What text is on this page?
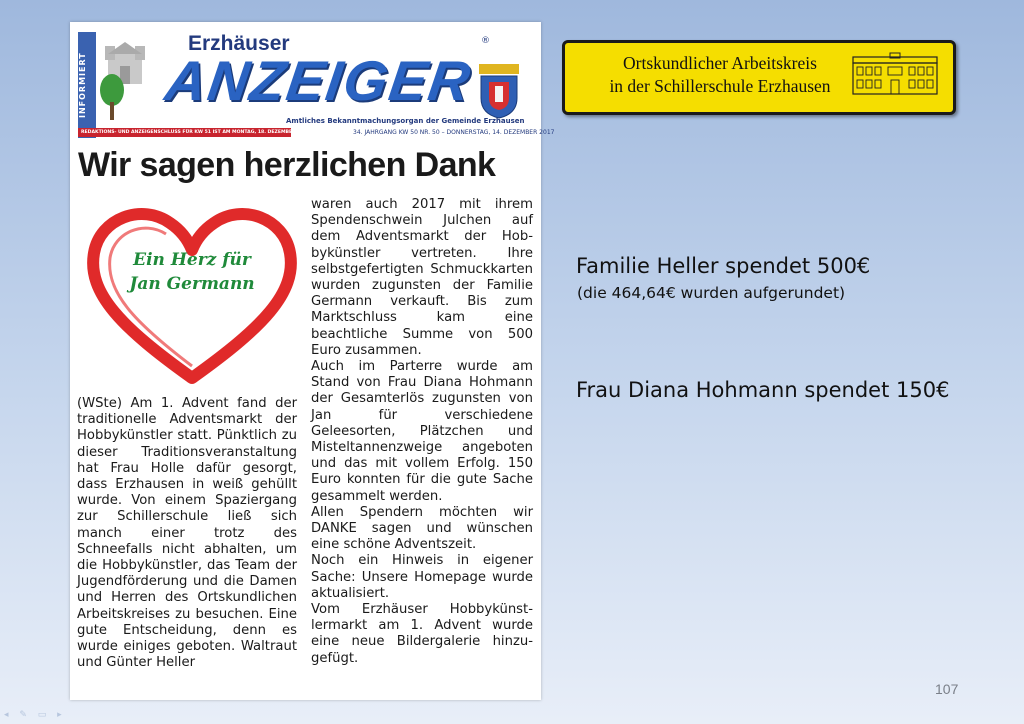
INFORMIERT
Erzhäuser
ANZEIGER
®
Amtliches Bekanntmachungsorgan der Gemeinde Erzhausen
REDAKTIONS- UND ANZEIGENSCHLUSS FÜR KW 51 IST AM MONTAG, 18. DEZEMBER 2017, 18 UHR	34. JAHRGANG KW 50 NR. 50 – DONNERSTAG, 14. DEZEMBER 2017
Wir sagen herzlichen Dank
Ein Herz für
Jan Germann

(WSte) Am 1. Advent fand der traditionelle Adventsmarkt der Hobbykünstler statt. Pünktlich zu dieser Traditionsveranstaltung hat Frau Holle dafür gesorgt, dass Erzhausen in weiß gehüllt wurde. Von einem Spaziergang zur Schillerschule ließ sich manch einer trotz des Schneefalls nicht abhalten, um die Hobbykünstler, das Team der Jugendförderung und die Damen und Herren des Ortskundlichen Arbeitskreises zu besuchen. Eine gute Entscheidung, denn es wurde einiges geboten. Waltraut und Günter Heller

waren auch 2017 mit ihrem Spendenschwein Julchen auf dem Adventsmarkt der Hobbykünstler vertreten. Ihre selbstgefertigten Schmuckkarten wurden zugunsten der Familie Germann verkauft. Bis zum Marktschluss kam eine beachtliche Summe von 500 Euro zusammen.

Auch im Parterre wurde am Stand von Frau Diana Hohmann der Gesamterlös zugunsten von Jan für verschiedene Geleesorten, Plätzchen und Misteltannenzweige angeboten und das mit vollem Erfolg. 150 Euro konnten für die gute Sache gesammelt werden.

Allen Spendern möchten wir DANKE sagen und wünschen eine schöne Adventszeit.

Noch ein Hinweis in eigener Sache: Unsere Homepage wurde aktualisiert.

Vom Erzhäuser Hobbykünstlermarkt am 1. Advent wurde eine neue Bildergalerie hinzugefügt.

Ortskundlicher Arbeitskreis
in der Schillerschule Erzhausen
Familie Heller spendet 500€
(die 464,64€ wurden aufgerundet)
Frau Diana Hohmann spendet 150€
107
◂ ✎ ▭ ▸
